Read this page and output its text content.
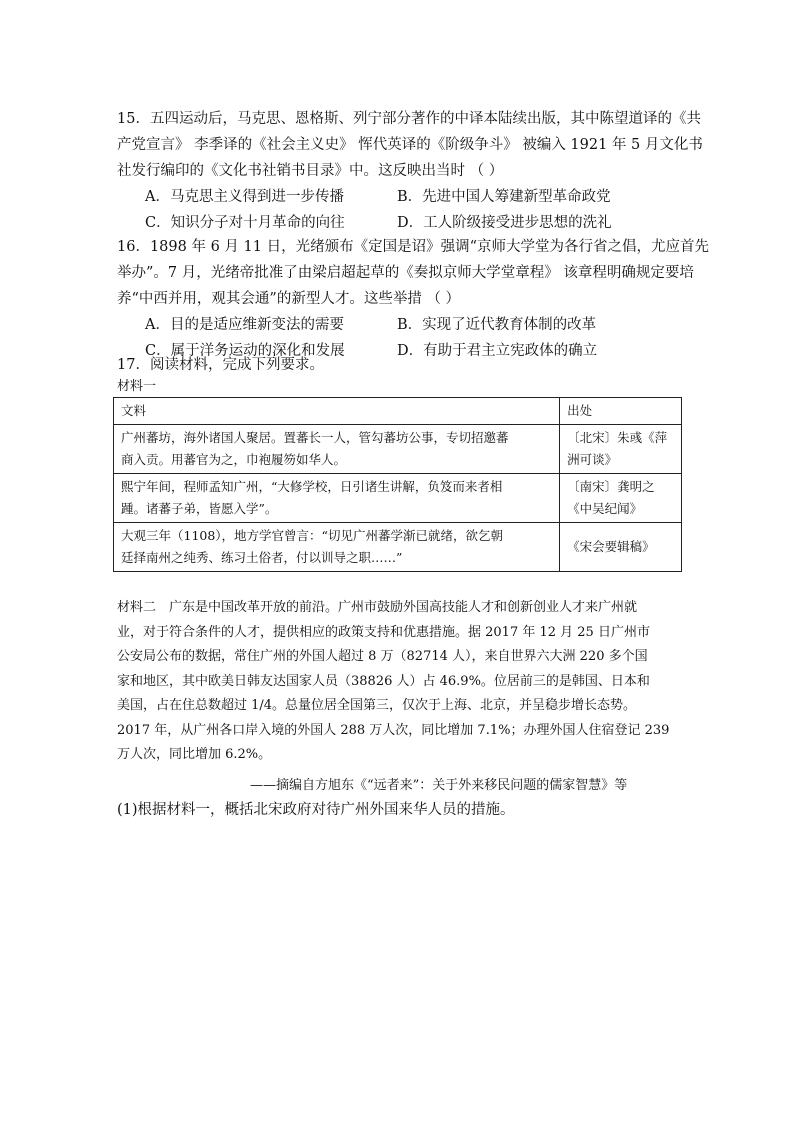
15．五四运动后，马克思、恩格斯、列宁部分著作的中译本陆续出版，其中陈望道译的《共
产党宣言》 李季译的《社会主义史》 恽代英译的《阶级争斗》 被编入 1921 年 5 月文化书
社发行编印的《文化书社销书目录》中。这反映出当时 （ ）
A．马克思主义得到进一步传播	B．先进中国人筹建新型革命政党
C．知识分子对十月革命的向往	D．工人阶级接受进步思想的洗礼
16．1898 年 6 月 11 日，光绪颁布《定国是诏》强调“京师大学堂为各行省之倡，尤应首先
举办”。7 月，光绪帝批准了由梁启超起草的《奏拟京师大学堂章程》 该章程明确规定要培
养“中西并用，观其会通”的新型人才。这些举措 （ ）
A．目的是适应维新变法的需要	B．实现了近代教育体制的改革
C．属于洋务运动的深化和发展	D．有助于君主立宪政体的确立
17．阅读材料，完成下列要求。
材料一
文料	出处

广州蕃坊，海外诸国人聚居。置蕃长一人，管勾蕃坊公事，专切招邀蕃
商入贡。用蕃官为之，巾袍履笏如华人。	〔北宋〕朱彧《萍
洲可谈》

熙宁年间，程师孟知广州，“大修学校，日引诸生讲解，负笈而来者相
踵。诸蕃子弟，皆愿入学”。	〔南宋〕龚明之
《中吴纪闻》

大观三年（1108），地方学官曾言：“切见广州蕃学渐已就绪，欲乞朝
廷择南州之纯秀、练习土俗者，付以训导之职……”	《宋会要辑稿》
材料二　广东是中国改革开放的前沿。广州市鼓励外国高技能人才和创新创业人才来广州就
业，对于符合条件的人才，提供相应的政策支持和优惠措施。据 2017 年 12 月 25 日广州市
公安局公布的数据，常住广州的外国人超过 8 万（82714 人），来自世界六大洲 220 多个国
家和地区，其中欧美日韩友达国家人员（38826 人）占 46.9%。位居前三的是韩国、日本和
美国，占在住总数超过 1/4。总量位居全国第三，仅次于上海、北京，并呈稳步增长态势。
2017 年，从广州各口岸入境的外国人 288 万人次，同比增加 7.1%；办理外国人住宿登记 239
万人次，同比增加 6.2%。
——摘编自方旭东《“远者来”：关于外来移民问题的儒家智慧》等
(1)根据材料一，概括北宋政府对待广州外国来华人员的措施。
